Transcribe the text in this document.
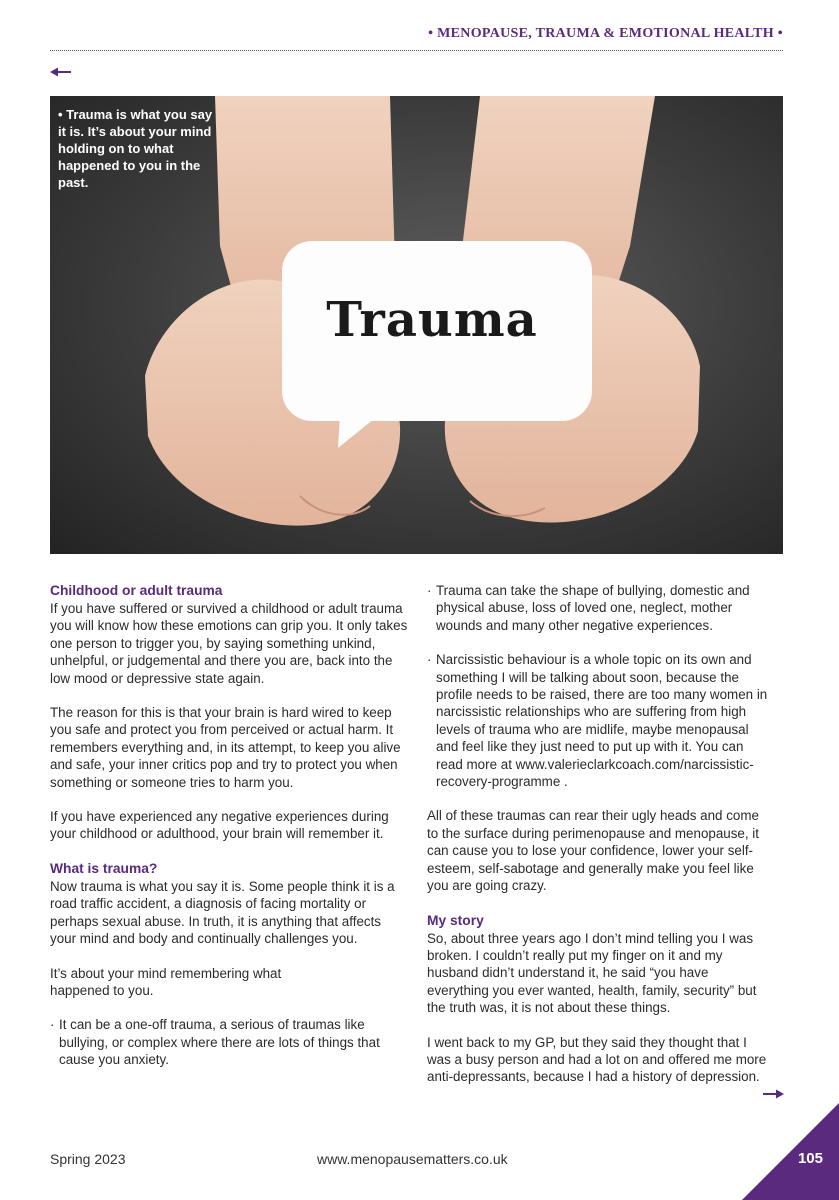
• MENOPAUSE, TRAUMA & EMOTIONAL HEALTH •
• Trauma is what you say it is. It’s about your mind holding on to what happened to you in the past.
Trauma
Childhood or adult trauma

If you have suffered or survived a childhood or adult trauma you will know how these emotions can grip you. It only takes one person to trigger you, by saying something unkind, unhelpful, or judgemental and there you are, back into the low mood or depressive state again.

The reason for this is that your brain is hard wired to keep you safe and protect you from perceived or actual harm. It remembers everything and, in its attempt, to keep you alive and safe, your inner critics pop and try to protect you when something or someone tries to harm you.

If you have experienced any negative experiences during your childhood or adulthood, your brain will remember it.

What is trauma?

Now trauma is what you say it is. Some people think it is a road traffic accident, a diagnosis of facing mortality or perhaps sexual abuse. In truth, it is anything that affects your mind and body and continually challenges you.

It’s about your mind remembering what happened to you.

· It can be a one-off trauma, a serious of traumas like bullying, or complex where there are lots of things that cause you anxiety.
· Trauma can take the shape of bullying, domestic and physical abuse, loss of loved one, neglect, mother wounds and many other negative experiences.
· Narcissistic behaviour is a whole topic on its own and something I will be talking about soon, because the profile needs to be raised, there are too many women in narcissistic relationships who are suffering from high levels of trauma who are midlife, maybe menopausal and feel like they just need to put up with it. You can read more at www.valerieclarkcoach.com/narcissistic-recovery-programme .

All of these traumas can rear their ugly heads and come to the surface during perimenopause and menopause, it can cause you to lose your confidence, lower your self-esteem, self-sabotage and generally make you feel like you are going crazy.

My story

So, about three years ago I don’t mind telling you I was broken. I couldn’t really put my finger on it and my husband didn’t understand it, he said “you have everything you ever wanted, health, family, security” but the truth was, it is not about these things.

I went back to my GP, but they said they thought that I was a busy person and had a lot on and offered me more anti-depressants, because I had a history of depression.

Spring 2023	www.menopausematters.co.uk	105
